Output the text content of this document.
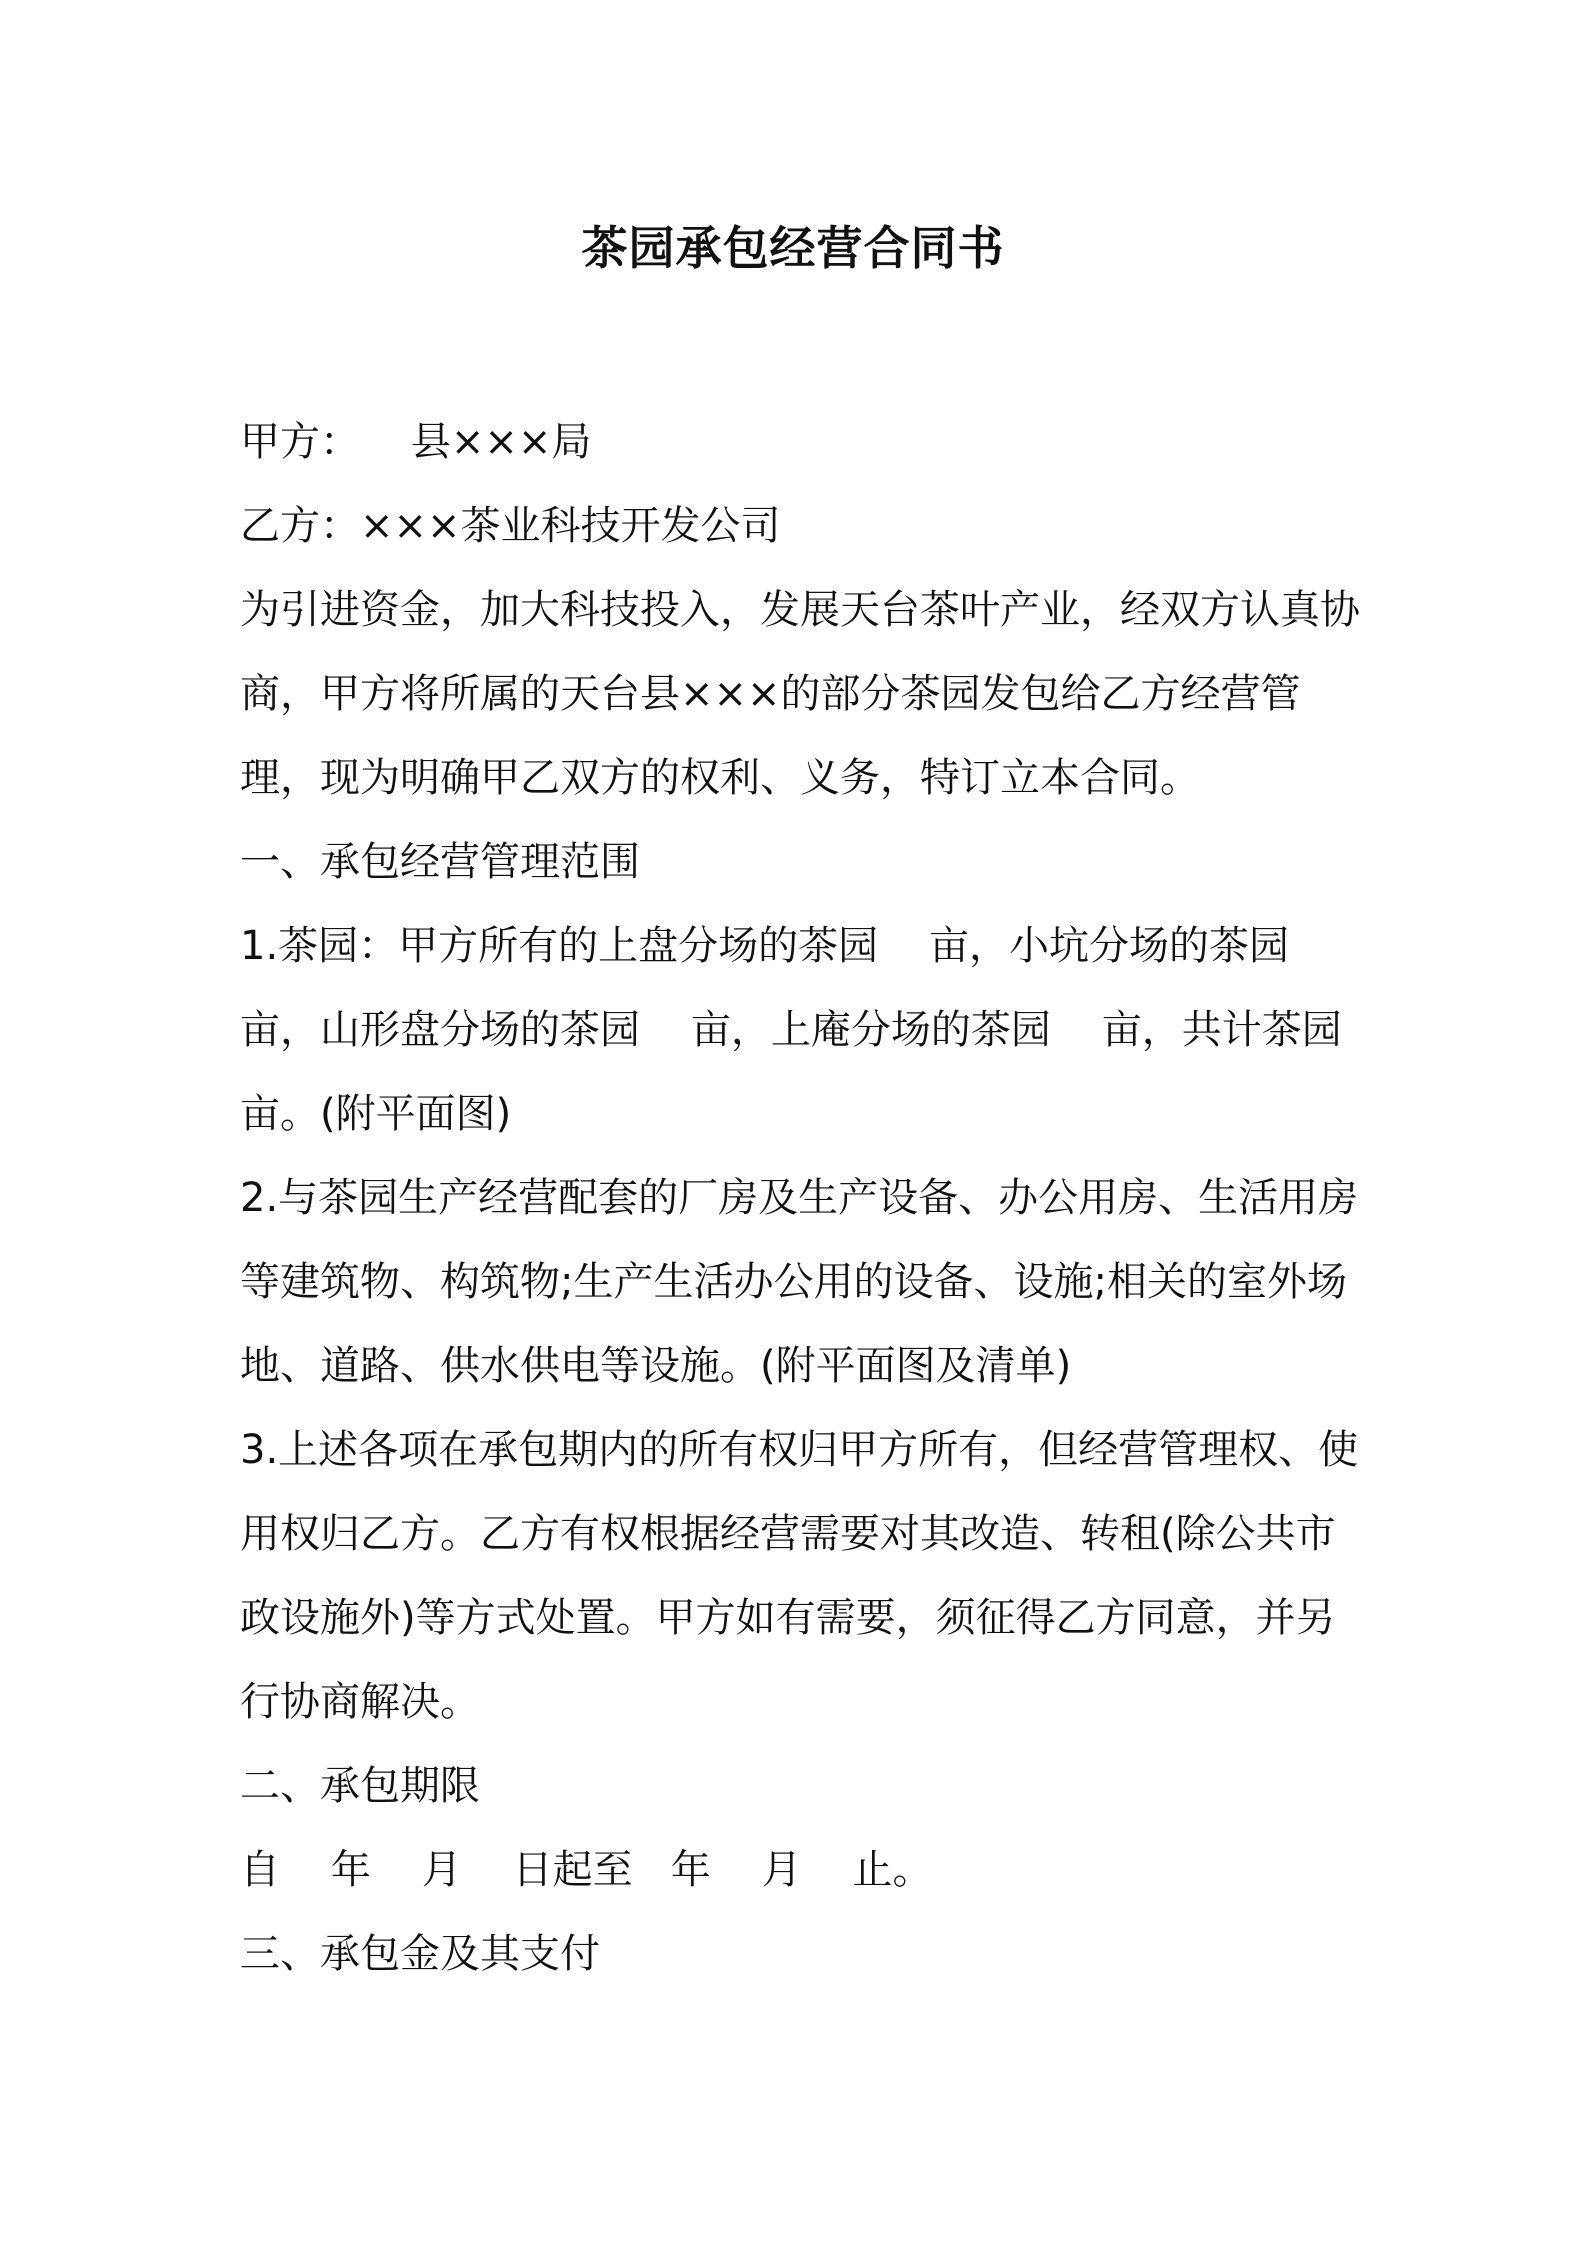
茶园承包经营合同书

甲方：    县×××局

乙方：×××茶业科技开发公司

为引进资金，加大科技投入，发展天台茶叶产业，经双方认真协商，甲方将所属的天台县×××的部分茶园发包给乙方经营管理，现为明确甲乙双方的权利、义务，特订立本合同。

一、承包经营管理范围

1.茶园：甲方所有的上盘分场的茶园    亩，小坑分场的茶园亩，山形盘分场的茶园    亩，上庵分场的茶园    亩，共计茶园    亩。(附平面图)

2.与茶园生产经营配套的厂房及生产设备、办公用房、生活用房等建筑物、构筑物;生产生活办公用的设备、设施;相关的室外场地、道路、供水供电等设施。(附平面图及清单)

3.上述各项在承包期内的所有权归甲方所有，但经营管理权、使用权归乙方。乙方有权根据经营需要对其改造、转租(除公共市政设施外)等方式处置。甲方如有需要，须征得乙方同意，并另行协商解决。

二、承包期限

自    年    月    日起至   年    月    止。

三、承包金及其支付
